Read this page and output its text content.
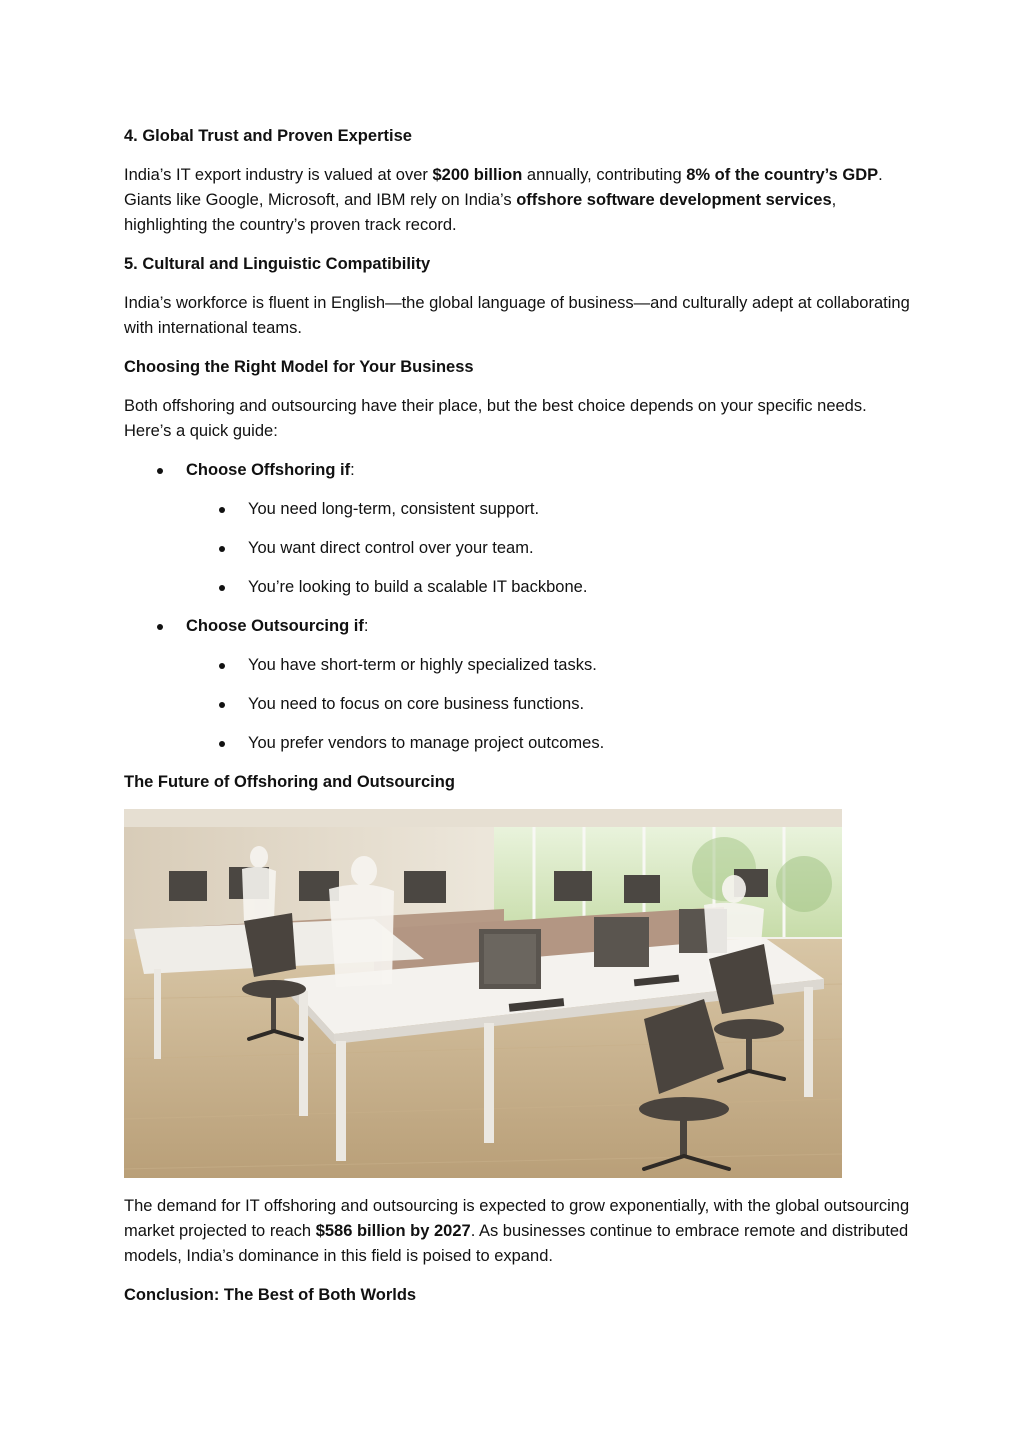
4. Global Trust and Proven Expertise

India’s IT export industry is valued at over $200 billion annually, contributing 8% of the country’s GDP. Giants like Google, Microsoft, and IBM rely on India’s offshore software development services, highlighting the country’s proven track record.

5. Cultural and Linguistic Compatibility

India’s workforce is fluent in English—the global language of business—and culturally adept at collaborating with international teams.

Choosing the Right Model for Your Business

Both offshoring and outsourcing have their place, but the best choice depends on your specific needs. Here’s a quick guide:

Choose Offshoring if:
You need long-term, consistent support.
You want direct control over your team.
You’re looking to build a scalable IT backbone.
Choose Outsourcing if:
You have short-term or highly specialized tasks.
You need to focus on core business functions.
You prefer vendors to manage project outcomes.
The Future of Offshoring and Outsourcing

The demand for IT offshoring and outsourcing is expected to grow exponentially, with the global outsourcing market projected to reach $586 billion by 2027. As businesses continue to embrace remote and distributed models, India’s dominance in this field is poised to expand.

Conclusion: The Best of Both Worlds
